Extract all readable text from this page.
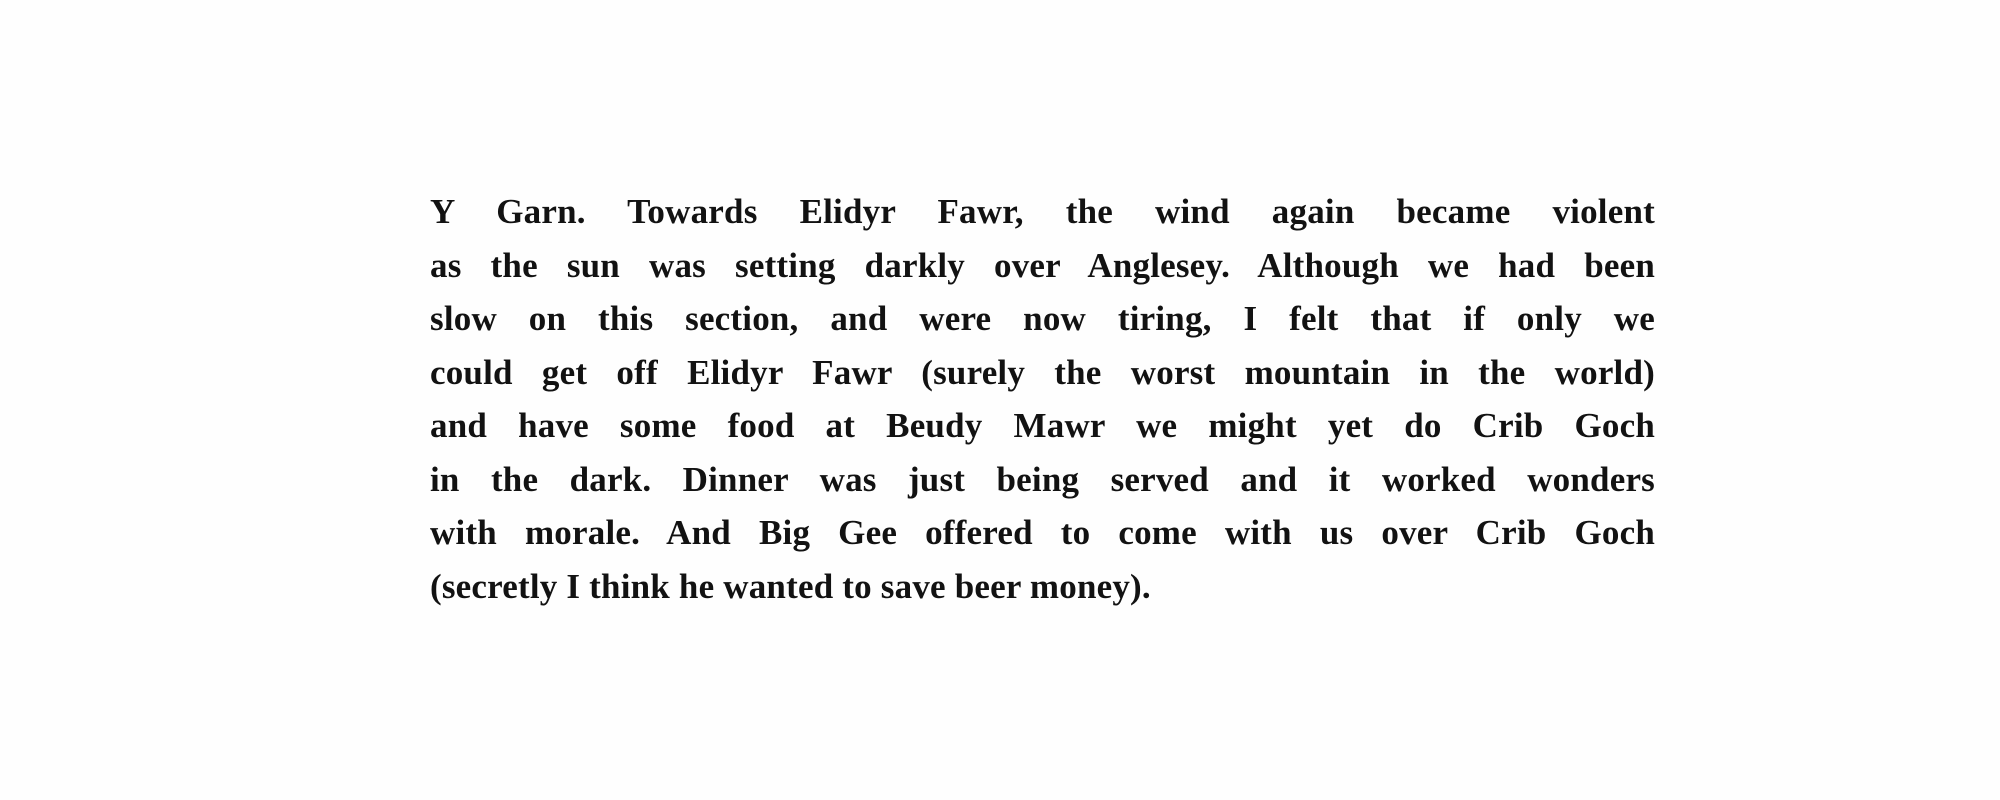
Y Garn. Towards Elidyr Fawr, the wind again became violent
as the sun was setting darkly over Anglesey. Although we had been
slow on this section, and were now tiring, I felt that if only we
could get off Elidyr Fawr (surely the worst mountain in the world)
and have some food at Beudy Mawr we might yet do Crib Goch
in the dark. Dinner was just being served and it worked wonders
with morale. And Big Gee offered to come with us over Crib Goch
(secretly I think he wanted to save beer money).
